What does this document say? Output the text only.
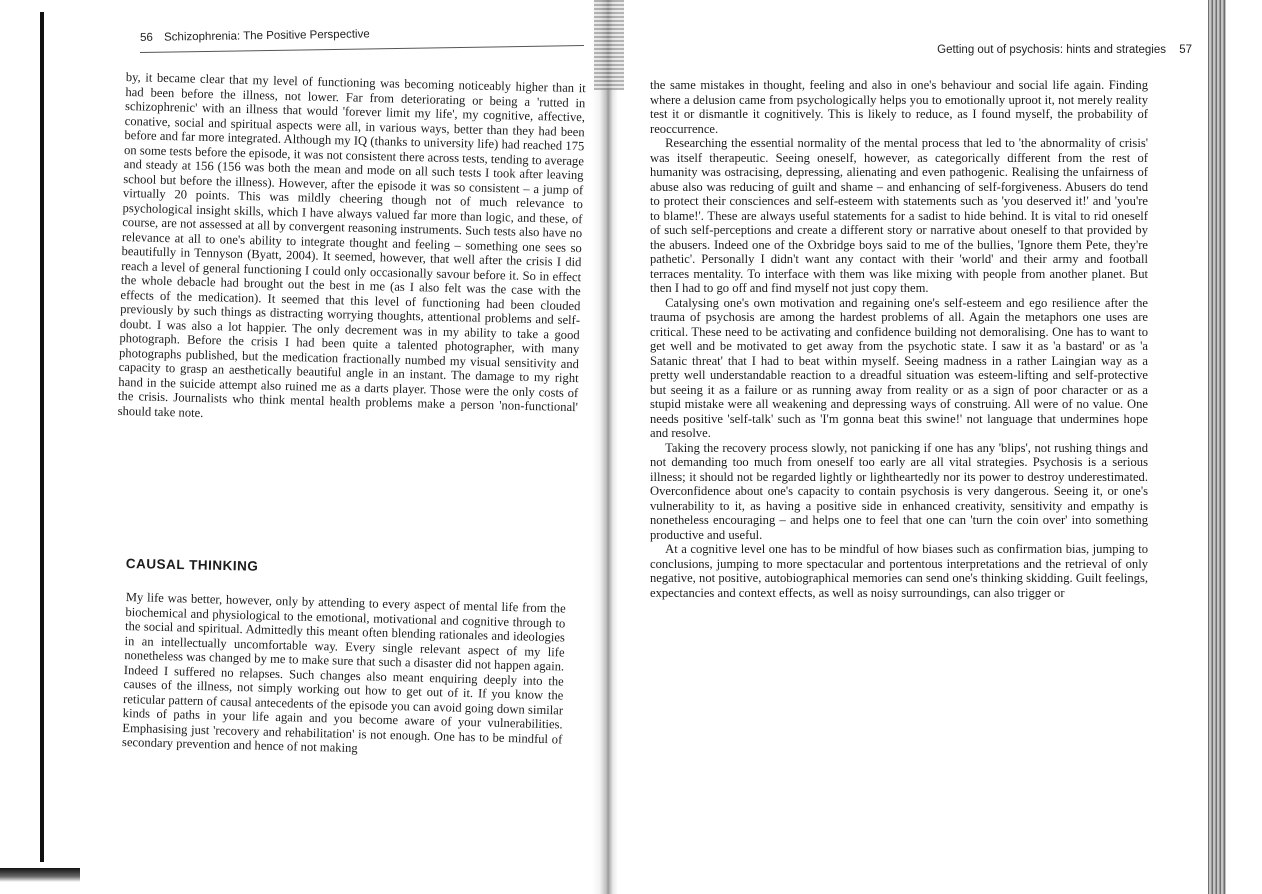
56 Schizophrenia: The Positive Perspective

by, it became clear that my level of functioning was becoming noticeably higher than it had been before the illness, not lower. Far from deteriorating or being a 'rutted in schizophrenic' with an illness that would 'forever limit my life', my cognitive, affective, conative, social and spiritual aspects were all, in various ways, better than they had been before and far more integrated. Although my IQ (thanks to university life) had reached 175 on some tests before the episode, it was not consistent there across tests, tending to average and steady at 156 (156 was both the mean and mode on all such tests I took after leaving school but before the illness). However, after the episode it was so consistent – a jump of virtually 20 points. This was mildly cheering though not of much relevance to psychological insight skills, which I have always valued far more than logic, and these, of course, are not assessed at all by convergent reasoning instruments. Such tests also have no relevance at all to one's ability to integrate thought and feeling – something one sees so beautifully in Tennyson (Byatt, 2004). It seemed, however, that well after the crisis I did reach a level of general functioning I could only occasionally savour before it. So in effect the whole debacle had brought out the best in me (as I also felt was the case with the effects of the medication). It seemed that this level of functioning had been clouded previously by such things as distracting worrying thoughts, attentional problems and self-doubt. I was also a lot happier. The only decrement was in my ability to take a good photograph. Before the crisis I had been quite a talented photographer, with many photographs published, but the medication fractionally numbed my visual sensitivity and capacity to grasp an aesthetically beautiful angle in an instant. The damage to my right hand in the suicide attempt also ruined me as a darts player. Those were the only costs of the crisis. Journalists who think mental health problems make a person 'non-functional' should take note.

CAUSAL THINKING

My life was better, however, only by attending to every aspect of mental life from the biochemical and physiological to the emotional, motivational and cognitive through to the social and spiritual. Admittedly this meant often blending rationales and ideologies in an intellectually uncomfortable way. Every single relevant aspect of my life nonetheless was changed by me to make sure that such a disaster did not happen again. Indeed I suffered no relapses. Such changes also meant enquiring deeply into the causes of the illness, not simply working out how to get out of it. If you know the reticular pattern of causal antecedents of the episode you can avoid going down similar kinds of paths in your life again and you become aware of your vulnerabilities. Emphasising just 'recovery and rehabilitation' is not enough. One has to be mindful of secondary prevention and hence of not making

Getting out of psychosis: hints and strategies 57

the same mistakes in thought, feeling and also in one's behaviour and social life again. Finding where a delusion came from psychologically helps you to emotionally uproot it, not merely reality test it or dismantle it cognitively. This is likely to reduce, as I found myself, the probability of reoccurrence.

Researching the essential normality of the mental process that led to 'the abnormality of crisis' was itself therapeutic. Seeing oneself, however, as categorically different from the rest of humanity was ostracising, depressing, alienating and even pathogenic. Realising the unfairness of abuse also was reducing of guilt and shame – and enhancing of self-forgiveness. Abusers do tend to protect their consciences and self-esteem with statements such as 'you deserved it!' and 'you're to blame!'. These are always useful statements for a sadist to hide behind. It is vital to rid oneself of such self-perceptions and create a different story or narrative about oneself to that provided by the abusers. Indeed one of the Oxbridge boys said to me of the bullies, 'Ignore them Pete, they're pathetic'. Personally I didn't want any contact with their 'world' and their army and football terraces mentality. To interface with them was like mixing with people from another planet. But then I had to go off and find myself not just copy them.

Catalysing one's own motivation and regaining one's self-esteem and ego resilience after the trauma of psychosis are among the hardest problems of all. Again the metaphors one uses are critical. These need to be activating and confidence building not demoralising. One has to want to get well and be motivated to get away from the psychotic state. I saw it as 'a bastard' or as 'a Satanic threat' that I had to beat within myself. Seeing madness in a rather Laingian way as a pretty well understandable reaction to a dreadful situation was esteem-lifting and self-protective but seeing it as a failure or as running away from reality or as a sign of poor character or as a stupid mistake were all weakening and depressing ways of construing. All were of no value. One needs positive 'self-talk' such as 'I'm gonna beat this swine!' not language that undermines hope and resolve.

Taking the recovery process slowly, not panicking if one has any 'blips', not rushing things and not demanding too much from oneself too early are all vital strategies. Psychosis is a serious illness; it should not be regarded lightly or lightheartedly nor its power to destroy underestimated. Overconfidence about one's capacity to contain psychosis is very dangerous. Seeing it, or one's vulnerability to it, as having a positive side in enhanced creativity, sensitivity and empathy is nonetheless encouraging – and helps one to feel that one can 'turn the coin over' into something productive and useful.

At a cognitive level one has to be mindful of how biases such as confirmation bias, jumping to conclusions, jumping to more spectacular and portentous interpretations and the retrieval of only negative, not positive, autobiographical memories can send one's thinking skidding. Guilt feelings, expectancies and context effects, as well as noisy surroundings, can also trigger or
